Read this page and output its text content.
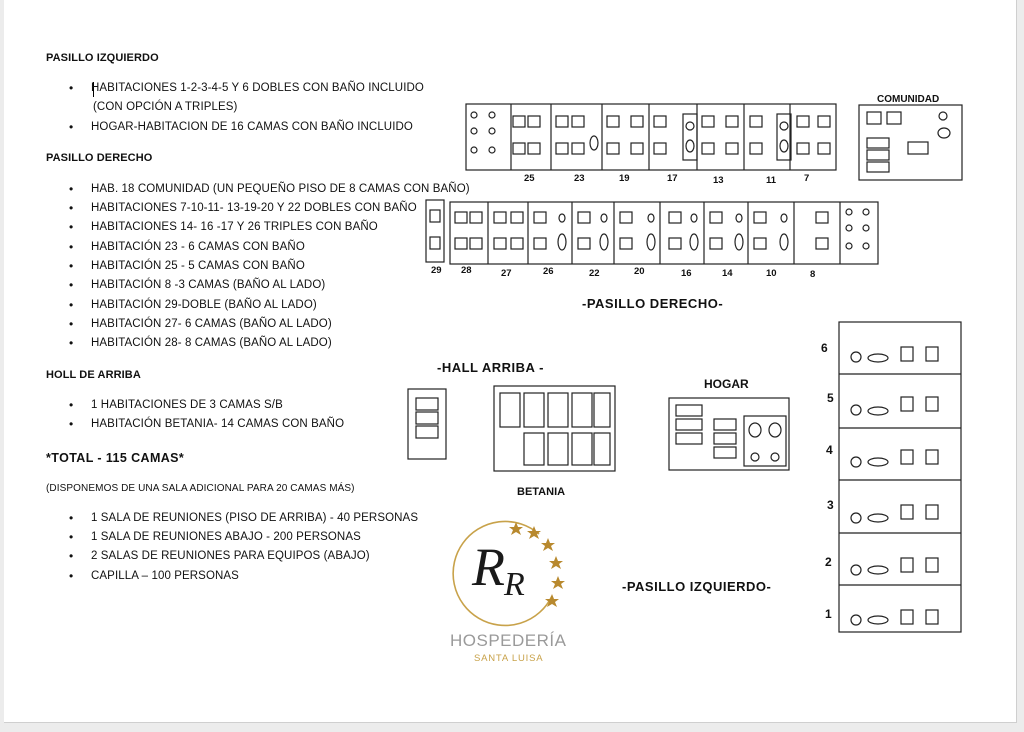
PASILLO IZQUIERDO
• HABITACIONES 1-2-3-4-5 Y 6 DOBLES CON BAÑO INCLUIDO
(CON OPCIÓN A TRIPLES)
• HOGAR-HABITACION DE 16 CAMAS CON BAÑO INCLUIDO
PASILLO DERECHO
• HAB. 18 COMUNIDAD (UN PEQUEÑO PISO DE 8 CAMAS CON BAÑO)
• HABITACIONES 7-10-11- 13-19-20 Y 22 DOBLES CON BAÑO
• HABITACIONES 14- 16 -17 Y 26 TRIPLES CON BAÑO
• HABITACIÓN 23 - 6 CAMAS CON BAÑO
• HABITACIÓN 25 - 5 CAMAS CON BAÑO
• HABITACIÓN 8 -3 CAMAS (BAÑO AL LADO)
• HABITACIÓN 29-DOBLE (BAÑO AL LADO)
• HABITACIÓN 27- 6 CAMAS (BAÑO AL LADO)
• HABITACIÓN 28- 8 CAMAS (BAÑO AL LADO)
HOLL DE ARRIBA
• 1 HABITACIONES DE 3 CAMAS S/B
• HABITACIÓN BETANIA- 14 CAMAS CON BAÑO
*TOTAL - 115 CAMAS*
(DISPONEMOS DE UNA SALA ADICIONAL PARA 20 CAMAS MÁS)
• 1 SALA DE REUNIONES (PISO DE ARRIBA) - 40 PERSONAS
• 1 SALA DE REUNIONES ABAJO - 200 PERSONAS
• 2 SALAS DE REUNIONES PARA EQUIPOS (ABAJO)
• CAPILLA – 100 PERSONAS
COMUNIDAD
-PASILLO DERECHO-
-HALL ARRIBA -
HOGAR
BETANIA
-PASILLO IZQUIERDO-
25	23	19	17	13	11	7
29 28	27	26	22	20	16	14	10	8
6
5
4
3
2
1
R R
HOSPEDERÍA
SANTA LUISA
